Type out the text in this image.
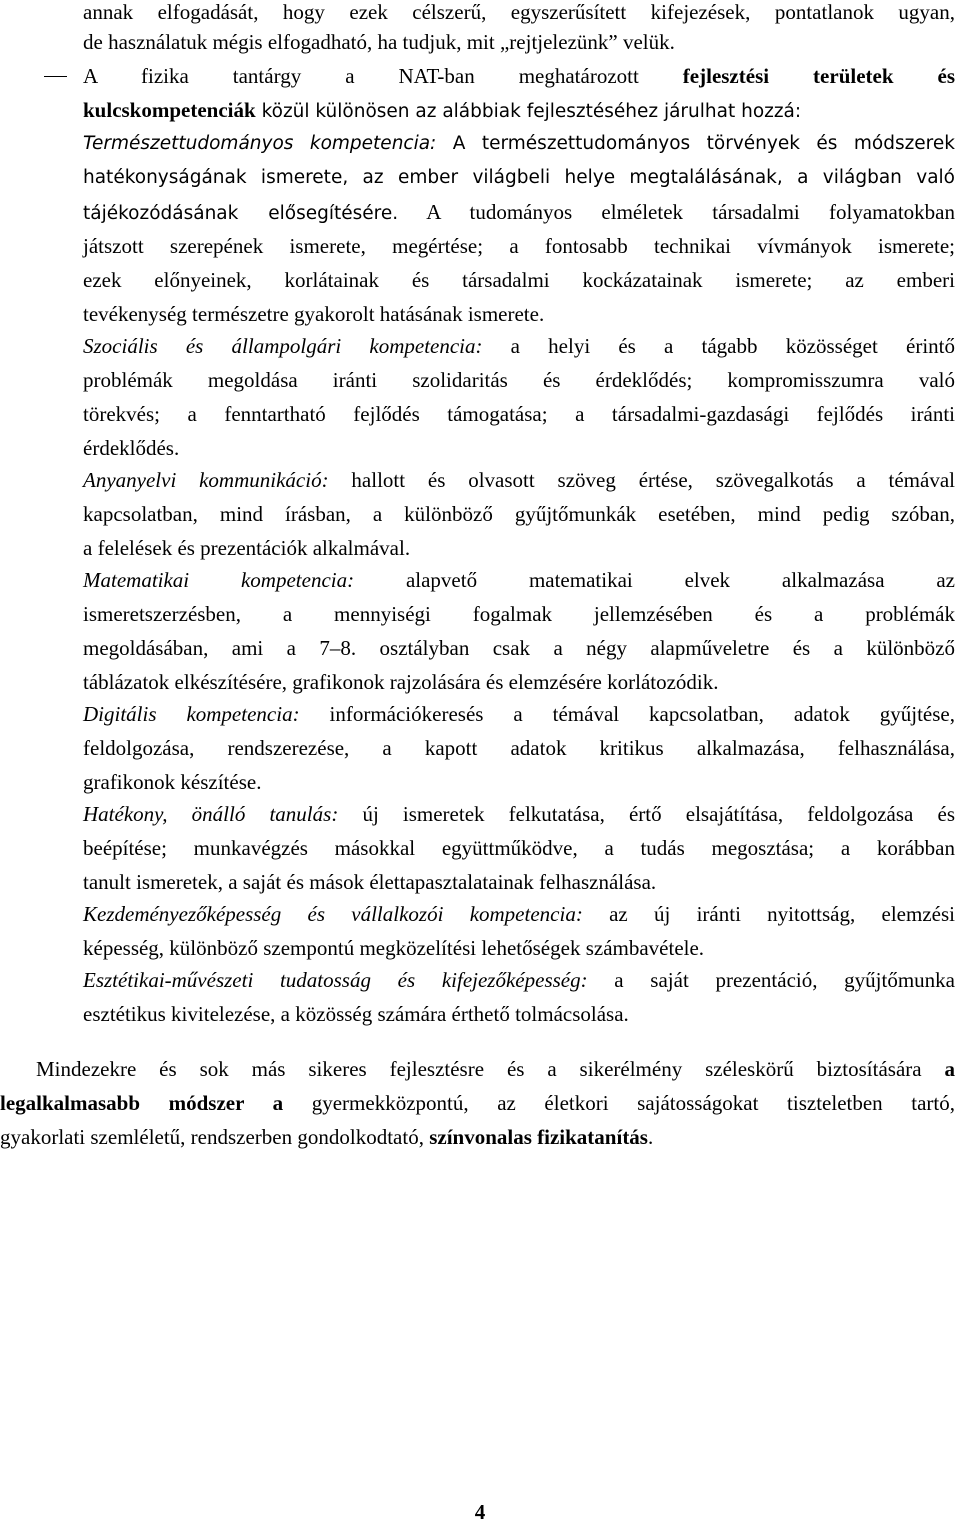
annak elfogadását, hogy ezek célszerű, egyszerűsített kifejezések, pontatlanok ugyan,
de használatuk mégis elfogadható, ha tudjuk, mit „rejtjelezünk” velük.
A fizika tantárgy a NAT-ban meghatározott fejlesztési területek és
kulcskompetenciák közül különösen az alábbiak fejlesztéséhez járulhat hozzá:
Természettudományos kompetencia: A természettudományos törvények és módszerek
hatékonyságának ismerete, az ember világbeli helye megtalálásának, a világban való
tájékozódásának elősegítésére. A tudományos elméletek társadalmi folyamatokban
játszott szerepének ismerete, megértése; a fontosabb technikai vívmányok ismerete;
ezek előnyeinek, korlátainak és társadalmi kockázatainak ismerete; az emberi
tevékenység természetre gyakorolt hatásának ismerete.
Szociális és állampolgári kompetencia: a helyi és a tágabb közösséget érintő
problémák megoldása iránti szolidaritás és érdeklődés; kompromisszumra való
törekvés; a fenntartható fejlődés támogatása; a társadalmi-gazdasági fejlődés iránti
érdeklődés.
Anyanyelvi kommunikáció: hallott és olvasott szöveg értése, szövegalkotás a témával
kapcsolatban, mind írásban, a különböző gyűjtőmunkák esetében, mind pedig szóban,
a felelések és prezentációk alkalmával.
Matematikai kompetencia: alapvető matematikai elvek alkalmazása az
ismeretszerzésben, a mennyiségi fogalmak jellemzésében és a problémák
megoldásában, ami a 7–8. osztályban csak a négy alapműveletre és a különböző
táblázatok elkészítésére, grafikonok rajzolására és elemzésére korlátozódik.
Digitális kompetencia: információkeresés a témával kapcsolatban, adatok gyűjtése,
feldolgozása, rendszerezése, a kapott adatok kritikus alkalmazása, felhasználása,
grafikonok készítése.
Hatékony, önálló tanulás: új ismeretek felkutatása, értő elsajátítása, feldolgozása és
beépítése; munkavégzés másokkal együttműködve, a tudás megosztása; a korábban
tanult ismeretek, a saját és mások élettapasztalatainak felhasználása.
Kezdeményezőképesség és vállalkozói kompetencia: az új iránti nyitottság, elemzési
képesség, különböző szempontú megközelítési lehetőségek számbavétele.
Esztétikai-művészeti tudatosság és kifejezőképesség: a saját prezentáció, gyűjtőmunka
esztétikus kivitelezése, a közösség számára érthető tolmácsolása.
Mindezekre és sok más sikeres fejlesztésre és a sikerélmény széleskörű biztosítására a
legalkalmasabb módszer a gyermekközpontú, az életkori sajátosságokat tiszteletben tartó,
gyakorlati szemléletű, rendszerben gondolkodtató, színvonalas fizikatanítás.
4
